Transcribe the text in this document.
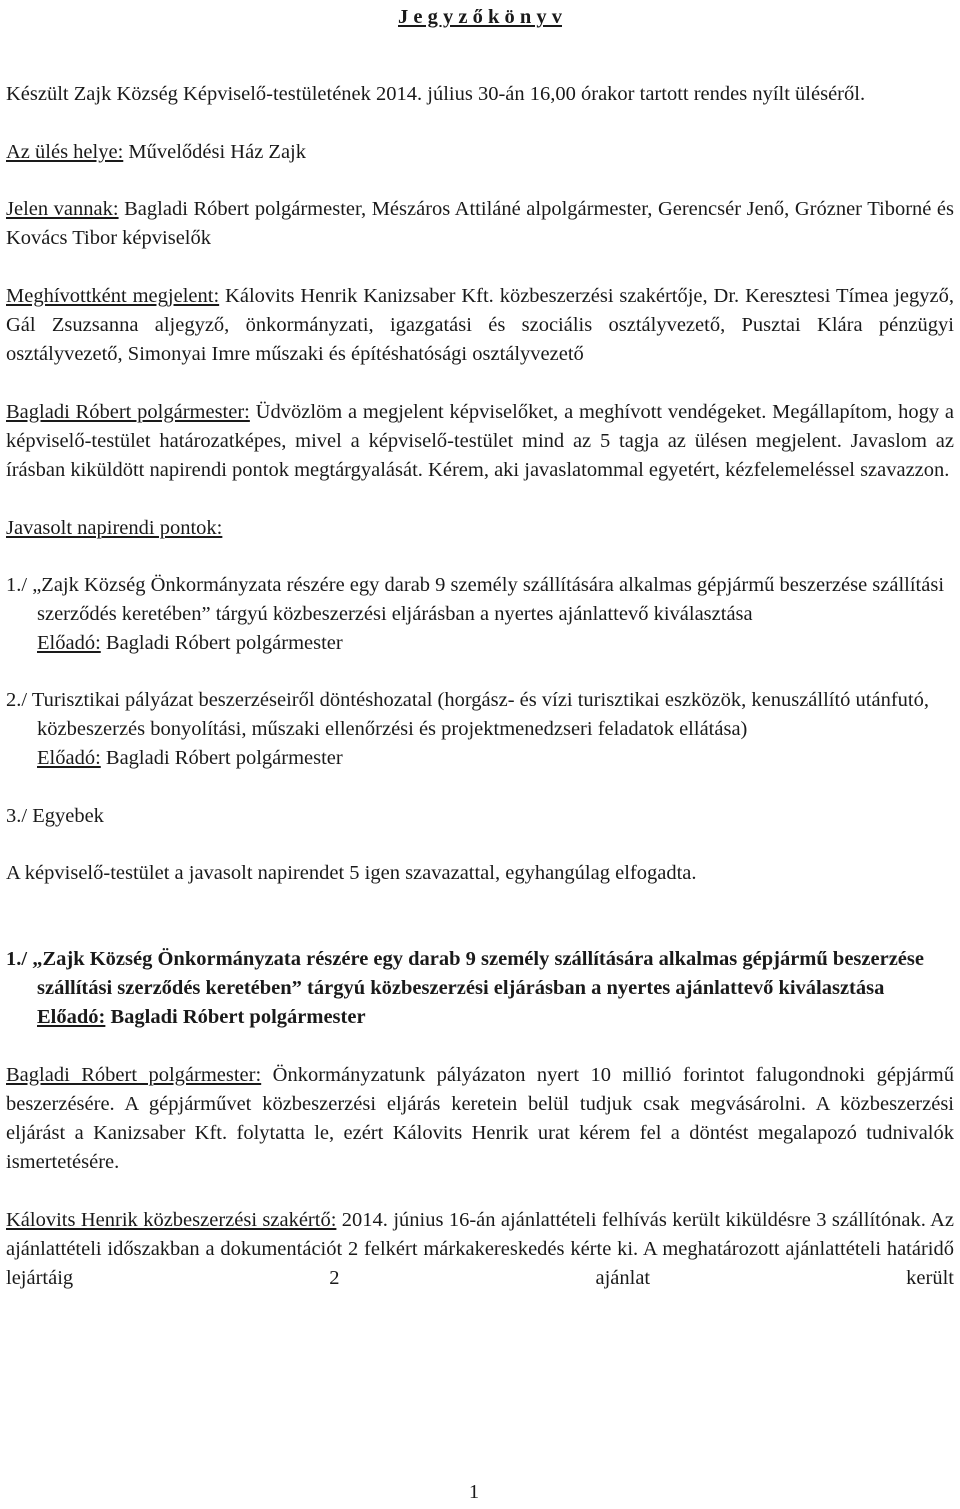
J e g y z ő k ö n y v

Készült Zajk Község Képviselő-testületének 2014. július 30-án 16,00 órakor tartott rendes nyílt üléséről.

Az ülés helye: Művelődési Ház Zajk

Jelen vannak: Bagladi Róbert polgármester, Mészáros Attiláné alpolgármester, Gerencsér Jenő, Grózner Tiborné és Kovács Tibor képviselők

Meghívottként megjelent: Kálovits Henrik Kanizsaber Kft. közbeszerzési szakértője, Dr. Keresztesi Tímea jegyző, Gál Zsuzsanna aljegyző, önkormányzati, igazgatási és szociális osztályvezető, Pusztai Klára pénzügyi osztályvezető, Simonyai Imre műszaki és építéshatósági osztályvezető

Bagladi Róbert polgármester: Üdvözlöm a megjelent képviselőket, a meghívott vendégeket. Megállapítom, hogy a képviselő-testület határozatképes, mivel a képviselő-testület mind az 5 tagja az ülésen megjelent. Javaslom az írásban kiküldött napirendi pontok megtárgyalását. Kérem, aki javaslatommal egyetért, kézfelemeléssel szavazzon.

Javasolt napirendi pontok:

1./ „Zajk Község Önkormányzata részére egy darab 9 személy szállítására alkalmas gépjármű beszerzése szállítási szerződés keretében” tárgyú közbeszerzési eljárásban a nyertes ajánlattevő kiválasztása

Előadó: Bagladi Róbert polgármester

2./ Turisztikai pályázat beszerzéseiről döntéshozatal (horgász- és vízi turisztikai eszközök, kenuszállító utánfutó, közbeszerzés bonyolítási, műszaki ellenőrzési és projektmenedzseri feladatok ellátása)

Előadó: Bagladi Róbert polgármester

3./ Egyebek

A képviselő-testület a javasolt napirendet 5 igen szavazattal, egyhangúlag elfogadta.

1./ „Zajk Község Önkormányzata részére egy darab 9 személy szállítására alkalmas gépjármű beszerzése szállítási szerződés keretében” tárgyú közbeszerzési eljárásban a nyertes ajánlattevő kiválasztása

Előadó: Bagladi Róbert polgármester

Bagladi Róbert polgármester: Önkormányzatunk pályázaton nyert 10 millió forintot falugondnoki gépjármű beszerzésére. A gépjárművet közbeszerzési eljárás keretein belül tudjuk csak megvásárolni. A közbeszerzési eljárást a Kanizsaber Kft. folytatta le, ezért Kálovits Henrik urat kérem fel a döntést megalapozó tudnivalók ismertetésére.

Kálovits Henrik közbeszerzési szakértő: 2014. június 16-án ajánlattételi felhívás került kiküldésre 3 szállítónak. Az ajánlattételi időszakban a dokumentációt 2 felkért márkakereskedés kérte ki. A meghatározott ajánlattételi határidő lejártáig 2 ajánlat került

1
